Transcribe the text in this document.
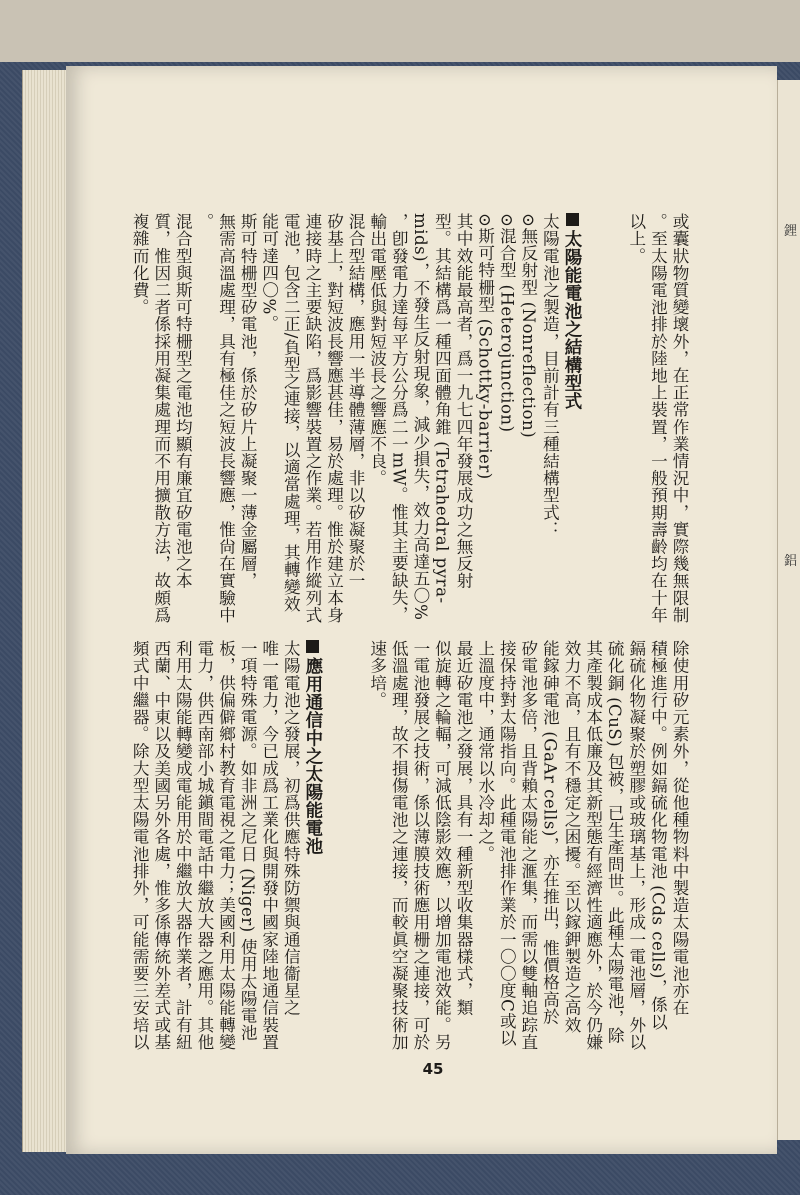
鋰
鋁

或囊狀物質變壞外，在正常作業情況中，實際幾無限制

。至太陽電池排於陸地上裝置，一般預期壽齡均在十年

以上。

太陽能電池之結構型式

太陽電池之製造，目前計有三種結構型式：

⊙無反射型 (Nonreflection)

⊙混合型 (Heterojunction)

⊙斯可特栅型 (Schottky-barrier)

其中效能最高者，爲一九七四年發展成功之無反射

型。其結構爲一種四面體角錐 (Tetrahedral pyra-

mids)，不發生反射現象，減少損失，效力高達五〇%

，卽發電力達每平方公分爲二一mW。惟其主要缺失，

輸出電壓低與對短波長之響應不良。

混合型結構，應用一半導體薄層，非以矽凝聚於一

矽基上，對短波長響應甚佳，易於處理。惟於建立本身

連接時之主要缺陷，爲影響裝置之作業。若用作縱列式

電池，包含二正/負型之連接，以適當處理，其轉變效

能可達四〇%。

斯可特栅型矽電池，係於矽片上凝聚一薄金屬層，

無需高溫處理，具有極佳之短波長響應，惟尙在實驗中

。

混合型與斯可特栅型之電池均顯有廉宜矽電池之本

質，惟因二者係採用凝集處理而不用擴散方法，故頗爲

複雜而化費。

除使用矽元素外，從他種物料中製造太陽電池亦在

積極進行中。例如鎘硫化物電池 (Cds cells)，係以

鎘硫化物凝聚於塑膠或玻璃基上，形成一電池層，外以

硫化銅 (CuS) 包被，已生產問世。此種太陽電池，除

其產製成本低廉及其新型態有經濟性適應外，於今仍嫌

效力不高，且有不穩定之困擾。至以鎵鉀製造之高效

能鎵砷電池 (GaAr cells)，亦在推出，惟價格高於

矽電池多倍，且背賴太陽能之滙集，而需以雙軸追踪直

接保持對太陽指向。此種電池排作業於一〇〇度C或以

上溫度中，通常以水冷却之。

最近矽電池之發展，具有一種新型收集器樣式，類

似旋轉之輪輻，可減低陰影效應，以增加電池效能。另

一電池發展之技術，係以薄膜技術應用栅之連接，可於

低溫處理，故不損傷電池之連接，而較眞空凝聚技術加

速多培。

應用通信中之太陽能電池

太陽電池之發展，初爲供應特殊防禦與通信衞星之

唯一電力，今已成爲工業化與開發中國家陸地通信裝置

一項特殊電源。如非洲之尼日 (Niger) 使用太陽電池

板，供偏僻鄉村教育電視之電力；美國利用太陽能轉變

電力，供西南部小城鎭間電話中繼放大器之應用。其他

利用太陽能轉變成電能用於中繼放大器作業者，計有紐

西蘭、中東以及美國另外各處，惟多係傳統外差式或基

頻式中繼器。除大型太陽電池排外，可能需要三安培以

45
